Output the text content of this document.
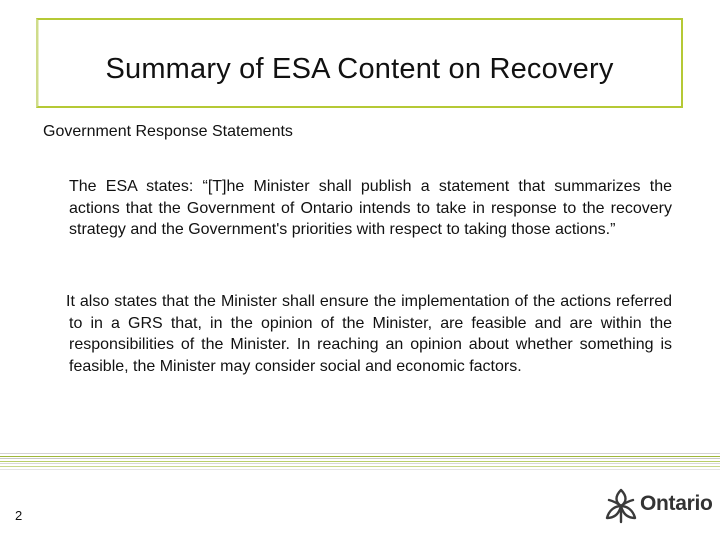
Summary of ESA Content on Recovery
Government Response Statements
The ESA states: “[T]he Minister shall publish a statement that summarizes the actions that the Government of Ontario intends to take in response to the recovery strategy and the Government's priorities with respect to taking those actions.”
It also states that the Minister shall ensure the implementation of the actions referred to in a GRS that, in the opinion of the Minister, are feasible and are within the responsibilities of the Minister. In reaching an opinion about whether something is feasible, the Minister may consider social and economic factors.
2
Ontario
